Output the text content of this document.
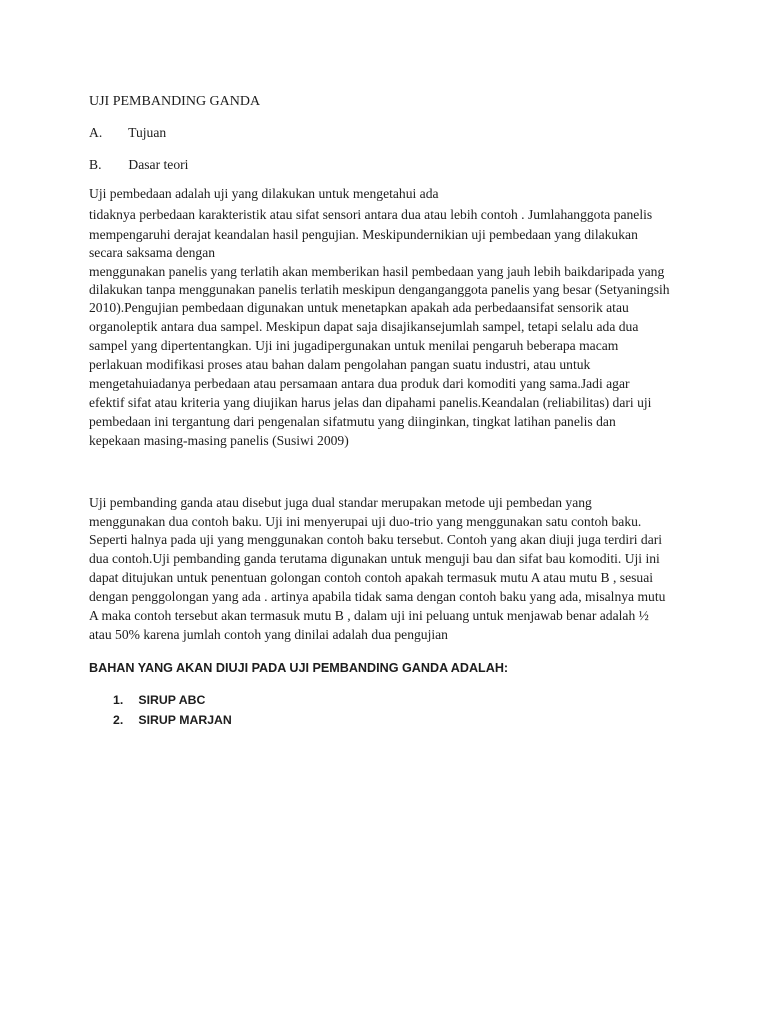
UJI PEMBANDING GANDA
A. Tujuan
B. Dasar teori
Uji pembedaan adalah uji yang dilakukan untuk mengetahui ada
tidaknya perbedaan karakteristik atau sifat sensori antara dua atau lebih contoh . Jumlahanggota panelis
mempengaruhi derajat keandalan hasil pengujian. Meskipundernikian uji pembedaan yang dilakukan
secara saksama dengan
menggunakan panelis yang terlatih akan memberikan hasil pembedaan yang jauh lebih baikdaripada yang
dilakukan tanpa menggunakan panelis terlatih meskipun denganganggota panelis yang besar (Setyaningsih
2010).Pengujian pembedaan digunakan untuk menetapkan apakah ada perbedaansifat sensorik atau
organoleptik antara dua sampel. Meskipun dapat saja disajikansejumlah sampel, tetapi selalu ada dua
sampel yang dipertentangkan. Uji ini jugadipergunakan untuk menilai pengaruh beberapa macam
perlakuan modifikasi proses atau bahan dalam pengolahan pangan suatu industri, atau untuk
mengetahuiadanya perbedaan atau persamaan antara dua produk dari komoditi yang sama.Jadi agar
efektif sifat atau kriteria yang diujikan harus jelas dan dipahami panelis.Keandalan (reliabilitas) dari uji
pembedaan ini tergantung dari pengenalan sifatmutu yang diinginkan, tingkat latihan panelis dan
kepekaan masing-masing panelis (Susiwi 2009)
Uji pembanding ganda atau disebut juga dual standar merupakan metode uji pembedan yang
menggunakan dua contoh baku. Uji ini menyerupai uji duo-trio yang menggunakan satu contoh baku.
Seperti halnya pada uji yang menggunakan contoh baku tersebut. Contoh yang akan diuji juga terdiri dari
dua contoh.Uji pembanding ganda terutama digunakan untuk menguji bau dan sifat bau komoditi. Uji ini
dapat ditujukan untuk penentuan golongan contoh contoh apakah termasuk mutu A atau mutu B , sesuai
dengan penggolongan yang ada . artinya apabila tidak sama dengan contoh baku yang ada, misalnya mutu
A maka contoh tersebut akan termasuk mutu B , dalam uji ini peluang untuk menjawab benar adalah ½
atau 50% karena jumlah contoh yang dinilai adalah dua pengujian
BAHAN YANG AKAN DIUJI PADA UJI PEMBANDING GANDA ADALAH:
1. SIRUP ABC
2. SIRUP MARJAN
